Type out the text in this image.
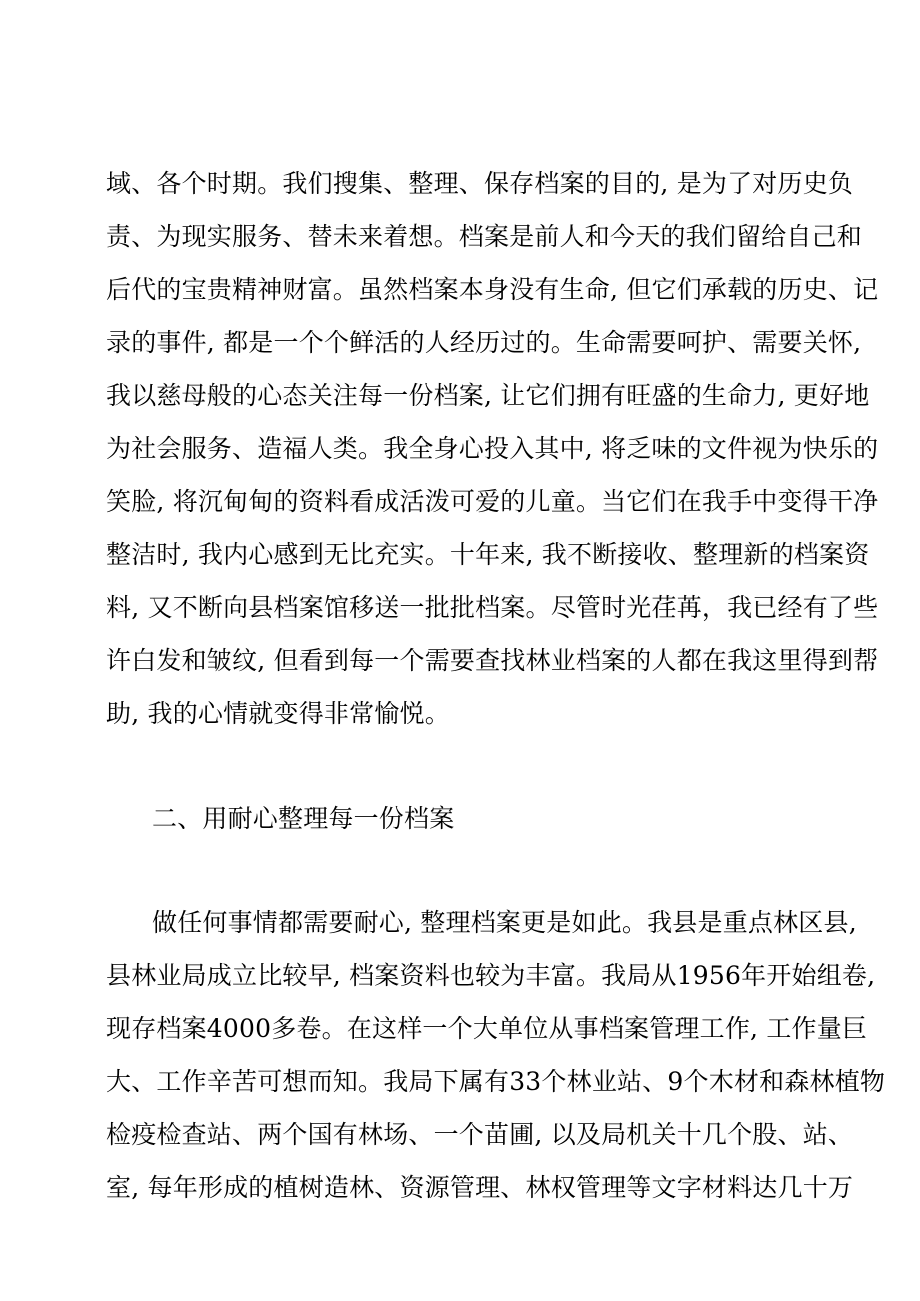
域、各个时期。我们搜集、整理、保存档案的目的, 是为了对历史负
责、为现实服务、替未来着想。档案是前人和今天的我们留给自己和
后代的宝贵精神财富。虽然档案本身没有生命, 但它们承载的历史、记
录的事件, 都是一个个鲜活的人经历过的。生命需要呵护、需要关怀,
我以慈母般的心态关注每一份档案, 让它们拥有旺盛的生命力, 更好地
为社会服务、造福人类。我全身心投入其中, 将乏味的文件视为快乐的
笑脸, 将沉甸甸的资料看成活泼可爱的儿童。当它们在我手中变得干净
整洁时, 我内心感到无比充实。十年来, 我不断接收、整理新的档案资
料, 又不断向县档案馆移送一批批档案。尽管时光荏苒，我已经有了些
许白发和皱纹, 但看到每一个需要查找林业档案的人都在我这里得到帮
助, 我的心情就变得非常愉悦。
二、用耐心整理每一份档案
做任何事情都需要耐心, 整理档案更是如此。我县是重点林区县,
县林业局成立比较早, 档案资料也较为丰富。我局从1956年开始组卷,
现存档案4000多卷。在这样一个大单位从事档案管理工作, 工作量巨
大、工作辛苦可想而知。我局下属有33个林业站、9个木材和森林植物
检疫检查站、两个国有林场、一个苗圃, 以及局机关十几个股、站、
室, 每年形成的植树造林、资源管理、林权管理等文字材料达几十万
